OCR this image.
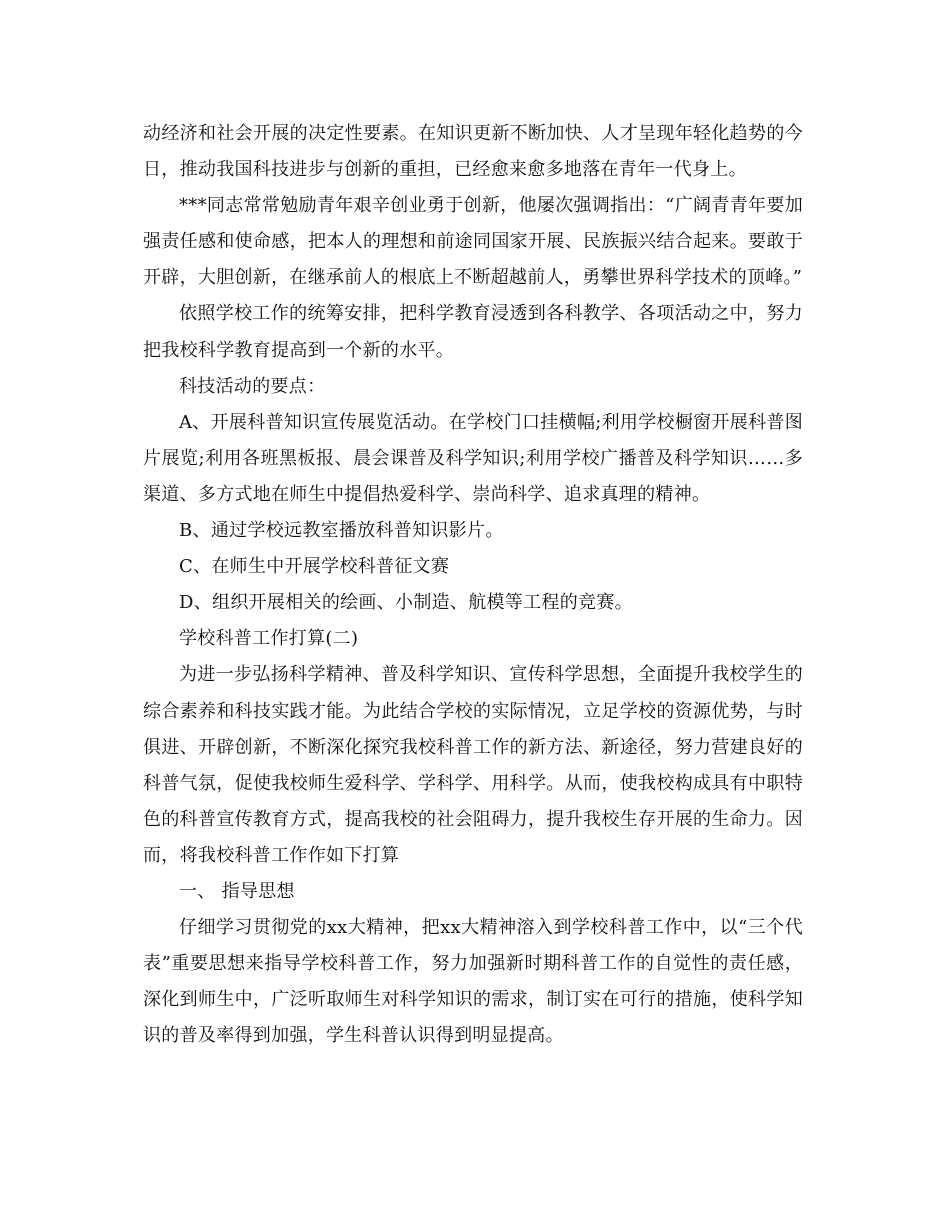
动经济和社会开展的决定性要素。在知识更新不断加快、人才呈现年轻化趋势的今日，推动我国科技进步与创新的重担，已经愈来愈多地落在青年一代身上。

***同志常常勉励青年艰辛创业勇于创新，他屡次强调指出：“广阔青青年要加强责任感和使命感，把本人的理想和前途同国家开展、民族振兴结合起来。要敢于开辟，大胆创新，在继承前人的根底上不断超越前人，勇攀世界科学技术的顶峰。”

依照学校工作的统筹安排，把科学教育浸透到各科教学、各项活动之中，努力把我校科学教育提高到一个新的水平。

科技活动的要点：

A、开展科普知识宣传展览活动。在学校门口挂横幅;利用学校橱窗开展科普图片展览;利用各班黑板报、晨会课普及科学知识;利用学校广播普及科学知识……多渠道、多方式地在师生中提倡热爱科学、崇尚科学、追求真理的精神。

B、通过学校远教室播放科普知识影片。

C、在师生中开展学校科普征文赛

D、组织开展相关的绘画、小制造、航模等工程的竞赛。

学校科普工作打算(二)

为进一步弘扬科学精神、普及科学知识、宣传科学思想，全面提升我校学生的综合素养和科技实践才能。为此结合学校的实际情况，立足学校的资源优势，与时俱进、开辟创新，不断深化探究我校科普工作的新方法、新途径，努力营建良好的科普气氛，促使我校师生爱科学、学科学、用科学。从而，使我校构成具有中职特色的科普宣传教育方式，提高我校的社会阻碍力，提升我校生存开展的生命力。因而，将我校科普工作作如下打算

一、 指导思想

仔细学习贯彻党的xx大精神，把xx大精神溶入到学校科普工作中，以“三个代表”重要思想来指导学校科普工作，努力加强新时期科普工作的自觉性的责任感，深化到师生中，广泛听取师生对科学知识的需求，制订实在可行的措施，使科学知识的普及率得到加强，学生科普认识得到明显提高。
